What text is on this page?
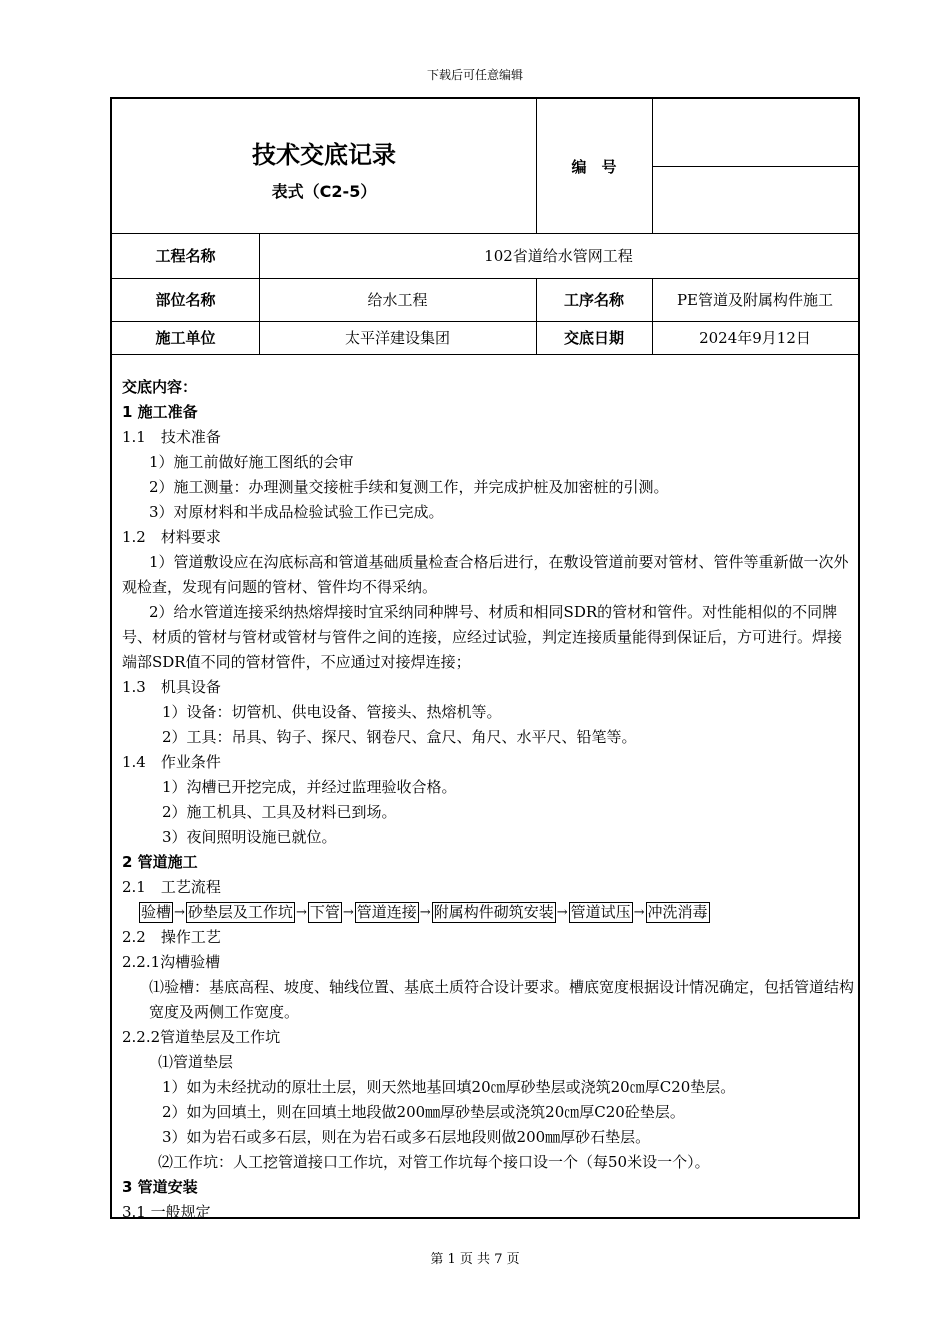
下载后可任意编辑
技术交底记录
表式（C2-5）
编　号
工程名称	102省道给水管网工程
部位名称	给水工程	工序名称	PE管道及附属构件施工
施工单位	太平洋建设集团	交底日期	2024年9月12日

交底内容：

1 施工准备

1.1　技术准备

1）施工前做好施工图纸的会审

2）施工测量：办理测量交接桩手续和复测工作，并完成护桩及加密桩的引测。

3）对原材料和半成品检验试验工作已完成。

1.2　材料要求

1）管道敷设应在沟底标高和管道基础质量检查合格后进行，在敷设管道前要对管材、管件等重新做一次外观检查，发现有问题的管材、管件均不得采纳。

2）给水管道连接采纳热熔焊接时宜采纳同种牌号、材质和相同SDR的管材和管件。对性能相似的不同牌号、材质的管材与管材或管材与管件之间的连接，应经过试验，判定连接质量能得到保证后，方可进行。焊接端部SDR值不同的管材管件，不应通过对接焊连接；

1.3　机具设备

1）设备：切管机、供电设备、管接头、热熔机等。

2）工具：吊具、钩子、探尺、钢卷尺、盒尺、角尺、水平尺、铅笔等。

1.4　作业条件

1）沟槽已开挖完成，并经过监理验收合格。

2）施工机具、工具及材料已到场。

3）夜间照明设施已就位。

2 管道施工

2.1　工艺流程

验槽 → 砂垫层及工作坑 → 下管 → 管道连接 → 附属构件砌筑安装 → 管道试压 → 冲洗消毒

2.2　操作工艺

2.2.1沟槽验槽

⑴验槽：基底高程、坡度、轴线位置、基底土质符合设计要求。槽底宽度根据设计情况确定，包括管道结构宽度及两侧工作宽度。

2.2.2管道垫层及工作坑

⑴管道垫层

1）如为未经扰动的原壮土层，则天然地基回填20㎝厚砂垫层或浇筑20㎝厚C20垫层。

2）如为回填土，则在回填土地段做200㎜厚砂垫层或浇筑20㎝厚C20砼垫层。

3）如为岩石或多石层，则在为岩石或多石层地段则做200㎜厚砂石垫层。

⑵工作坑：人工挖管道接口工作坑，对管工作坑每个接口设一个（每50米设一个）。

3 管道安装

3.1 一般规定

第 1 页 共 7 页
